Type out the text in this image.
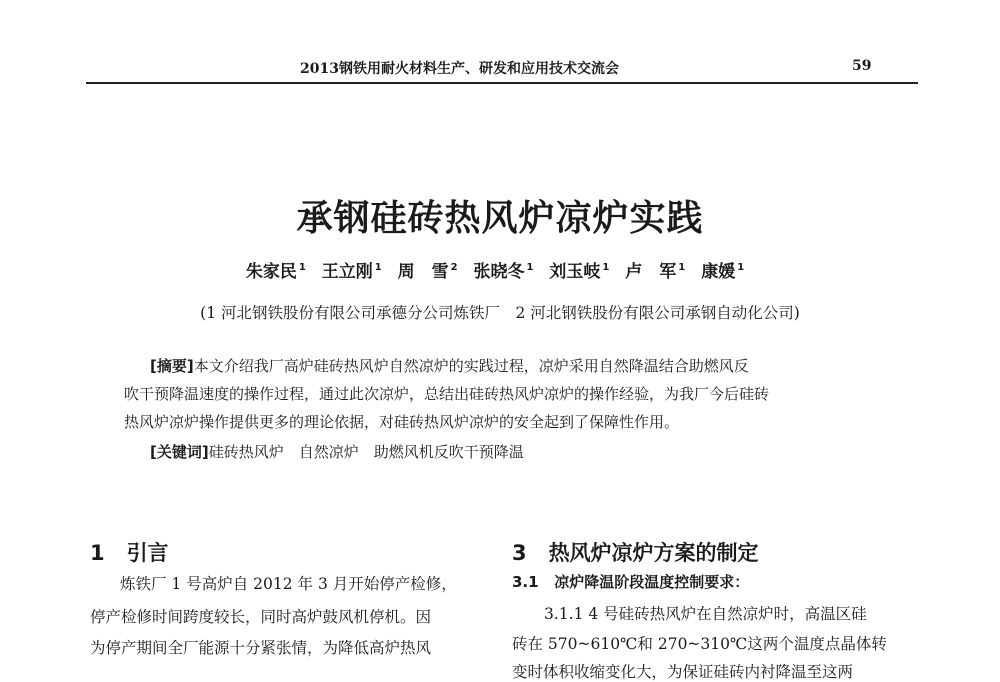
2013钢铁用耐火材料生产、研发和应用技术交流会	59
承钢硅砖热风炉凉炉实践
朱家民 $^1$ 王立刚 $^1$ 周　雪 $^2$ 张晓冬 $^1$ 刘玉岐 $^1$ 卢　军 $^1$ 康媛 $^1$
(1 河北钢铁股份有限公司承德分公司炼铁厂　2 河北钢铁股份有限公司承钢自动化公司)
[摘要]本文介绍我厂高炉硅砖热风炉自然凉炉的实践过程，凉炉采用自然降温结合助燃风反
吹干预降温速度的操作过程，通过此次凉炉，总结出硅砖热风炉凉炉的操作经验，为我厂今后硅砖
热风炉凉炉操作提供更多的理论依据，对硅砖热风炉凉炉的安全起到了保障性作用。
[关键词]硅砖热风炉　自然凉炉　助燃风机反吹干预降温
1 引言
炼铁厂 1 号高炉自 2012 年 3 月开始停产检修，
停产检修时间跨度较长，同时高炉鼓风机停机。因
为停产期间全厂能源十分紧张情，为降低高炉热风
3 热风炉凉炉方案的制定
3.1 凉炉降温阶段温度控制要求：
3.1.1 4 号硅砖热风炉在自然凉炉时，高温区硅
砖在 570~610℃和 270~310℃这两个温度点晶体转
变时体积收缩变化大，为保证硅砖内衬降温至这两
